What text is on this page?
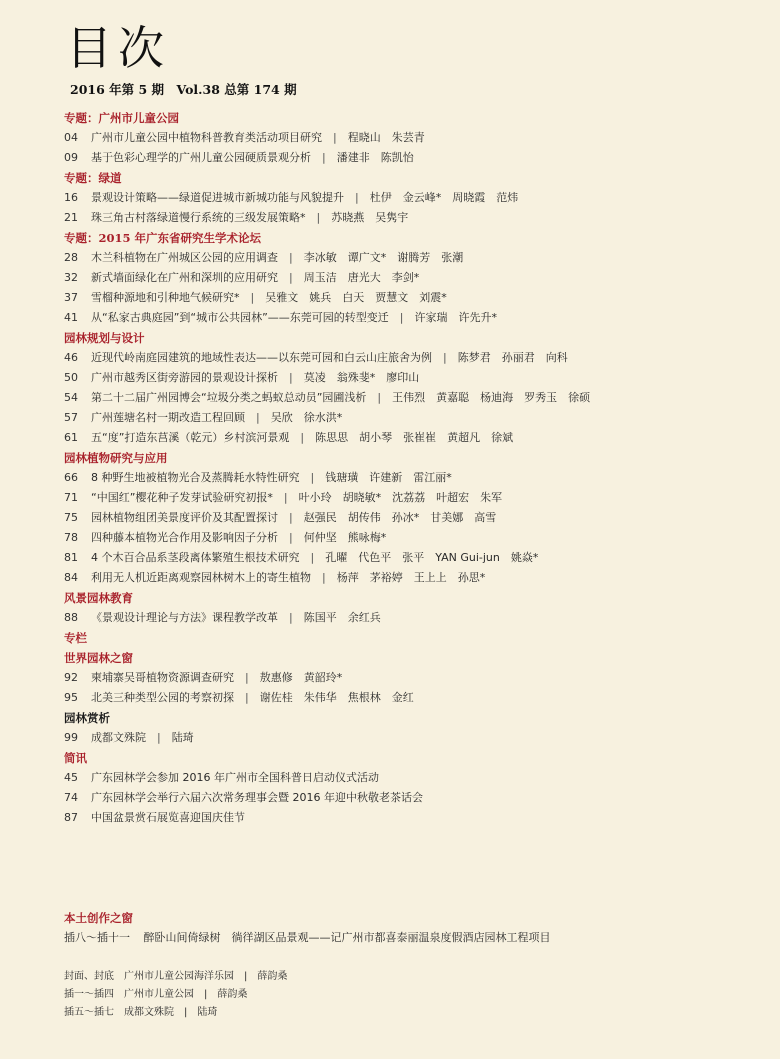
目次
2016 年第 5 期　Vol.38 总第 174 期
专题：广州市儿童公园
04 广州市儿童公园中植物科普教育类活动项目研究　|　程晓山　朱芸青
09 基于色彩心理学的广州儿童公园硬质景观分析　|　潘建非　陈凯怡
专题：绿道
16 景观设计策略——绿道促进城市新城功能与风貌提升　|　杜伊　金云峰*　周晓霞　范炜
21 珠三角古村落绿道慢行系统的三级发展策略*　|　苏晓燕　吴隽宇
专题：2015 年广东省研究生学术论坛
28 木兰科植物在广州城区公园的应用调查　|　李冰敏　谭广文*　谢腾芳　张潮
32 新式墙面绿化在广州和深圳的应用研究　|　周玉洁　唐光大　李剑*
37 雪榴种源地和引种地气候研究*　|　吴雅文　姚兵　白天　贾慧文　刘震*
41 从“私家古典庭园”到“城市公共园林”——东莞可园的转型变迁　|　许家瑞　许先升*
园林规划与设计
46 近现代岭南庭园建筑的地域性表达——以东莞可园和白云山庄旅舍为例　|　陈梦君　孙丽君　向科
50 广州市越秀区街旁游园的景观设计探析　|　莫凌　翁殊斐*　廖印山
54 第二十二届广州园博会“垃圾分类之蚂蚁总动员”园圃浅析　|　王伟烈　黄嘉聪　杨迪海　罗秀玉　徐硕
57 广州莲塘名村一期改造工程回顾　|　吴欣　徐水洪*
61 五“度”打造东莒溪（乾元）乡村滨河景观　|　陈思思　胡小琴　张崔崔　黄超凡　徐斌
园林植物研究与应用
66 8 种野生地被植物光合及蒸腾耗水特性研究　|　钱瑭璜　许建新　雷江丽*
71 “中国红”樱花种子发芽试验研究初报*　|　叶小玲　胡晓敏*　沈荔荔　叶超宏　朱军
75 园林植物组团美景度评价及其配置探讨　|　赵强民　胡传伟　孙冰*　甘美娜　高雪
78 四种藤本植物光合作用及影响因子分析　|　何仲坚　熊咏梅*
81 4 个木百合品系茎段离体繁殖生根技术研究　|　孔曜　代色平　张平　YAN Gui-jun　姚焱*
84 利用无人机近距离观察园林树木上的寄生植物　|　杨萍　茅裕婷　王上上　孙思*
风景园林教育
88 《景观设计理论与方法》课程教学改革　|　陈国平　余红兵
专栏
世界园林之窗
92 柬埔寨吴哥植物资源调查研究　|　敖惠修　黄韶玲*
95 北美三种类型公园的考察初探　|　谢佐桂　朱伟华　焦根林　金红
园林赏析
99 成都文殊院　|　陆琦
简讯
45 广东园林学会参加 2016 年广州市全国科普日启动仪式活动
74 广东园林学会举行六届六次常务理事会暨 2016 年迎中秋敬老茶话会
87 中国盆景赏石展览喜迎国庆佳节
本土创作之窗
插八～插十一 醉卧山间倚绿树　徜徉湖区品景观——记广州市都喜泰丽温泉度假酒店园林工程项目
封面、封底 广州市儿童公园海洋乐园　|　薛韵桑
插一～插四 广州市儿童公园　|　薛韵桑
插五～插七 成都文殊院　|　陆琦
